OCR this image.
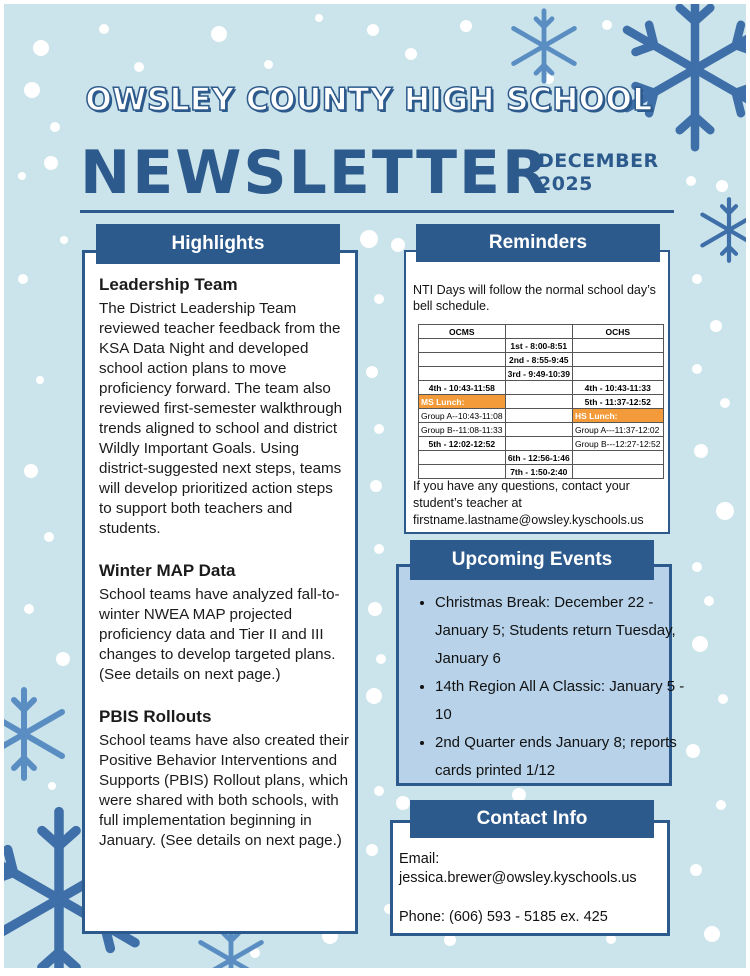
OWSLEY COUNTY HIGH SCHOOL
NEWSLETTER
DECEMBER
2025
Leadership Team

The District Leadership Team reviewed teacher feedback from the KSA Data Night and developed school action plans to move proficiency forward. The team also reviewed first-semester walkthrough trends aligned to school and district Wildly Important Goals. Using district-suggested next steps, teams will develop prioritized action steps to support both teachers and students.

Winter MAP Data

School teams have analyzed fall-to-winter NWEA MAP projected proficiency data and Tier II and III changes to develop targeted plans. (See details on next page.)

PBIS Rollouts

School teams have also created their Positive Behavior Interventions and Supports (PBIS) Rollout plans, which were shared with both schools, with full implementation beginning in January. (See details on next page.)

Highlights
NTI Days will follow the normal school day’s bell schedule.
OCMS		OCHS
	1st - 8:00-8:51	
	2nd - 8:55-9:45	
	3rd - 9:49-10:39	
4th - 10:43-11:58		4th - 10:43-11:33
MS Lunch:		5th - 11:37-12:52
Group A--10:43-11:08		HS Lunch:
Group B--11:08-11:33		Group A---11:37-12:02
5th - 12:02-12:52		Group B---12:27-12:52
	6th - 12:56-1:46	
	7th - 1:50-2:40	
If you have any questions, contact your student’s teacher at firstname.lastname@owsley.kyschools.us
Reminders
• Christmas Break: December 22 - January 5; Students return Tuesday, January 6
• 14th Region All A Classic: January 5 - 10
• 2nd Quarter ends January 8; reports cards printed 1/12
Upcoming Events
Email:
jessica.brewer@owsley.kyschools.us
Phone: (606) 593 - 5185 ex. 425
Contact Info
